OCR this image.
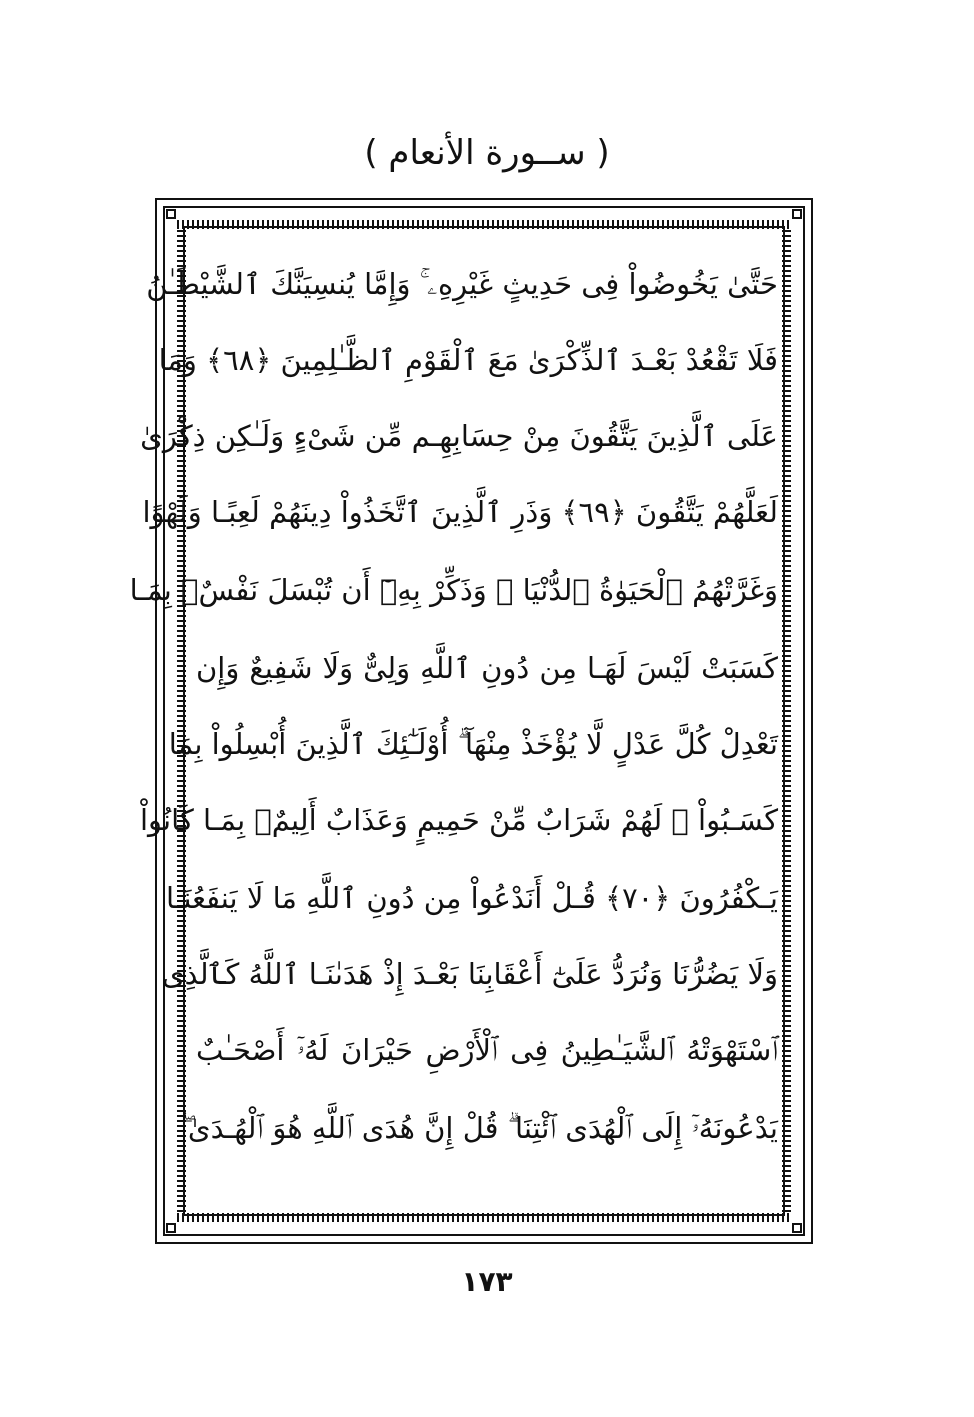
( ســورة الأنعام )
حَتَّىٰ يَخُوضُواْ فِى حَدِيثٍ غَيْرِهِۦ ۚ وَإِمَّا يُنسِيَنَّكَ ٱلشَّيْطَـٰنُ
فَلَا تَقْعُدْ بَعْـدَ ٱلذِّكْرَىٰ مَعَ ٱلْقَوْمِ ٱلظَّـٰلِمِينَ ﴿٦٨﴾ وَمَا
عَلَى ٱلَّذِينَ يَتَّقُونَ مِنْ حِسَابِهِـم مِّن شَىْءٍ وَلَـٰكِن ذِكْرَىٰ
لَعَلَّهُمْ يَتَّقُونَ ﴿٦٩﴾ وَذَرِ ٱلَّذِينَ ٱتَّخَذُواْ دِينَهُمْ لَعِبًـا وَلَهْوًا
وَغَرَّتْهُمُ ٱلْحَيَوٰةُ ٱلدُّنْيَا ۚ وَذَكِّرْ بِهِۦٓ أَن تُبْسَلَ نَفْسٌۢ بِمَـا
كَسَبَتْ لَيْسَ لَهَـا مِن دُونِ ٱللَّهِ وَلِىٌّ وَلَا شَفِيعٌ وَإِن
تَعْدِلْ كُلَّ عَدْلٍ لَّا يُؤْخَذْ مِنْهَآ ۗ أُوْلَـٰٓئِكَ ٱلَّذِينَ أُبْسِلُواْ بِمَا
كَسَـبُواْ ۖ لَهُمْ شَرَابٌ مِّنْ حَمِيمٍ وَعَذَابٌ أَلِيمٌۢ بِمَـا كَانُواْ
يَـكْفُرُونَ ﴿٧٠﴾ قُـلْ أَنَدْعُواْ مِن دُونِ ٱللَّهِ مَا لَا يَنفَعُنَـا
وَلَا يَضُرُّنَا وَنُرَدُّ عَلَىٰٓ أَعْقَابِنَا بَعْـدَ إِذْ هَدَىٰنَـا ٱللَّهُ كَٱلَّذِى
ٱسْتَهْوَتْهُ ٱلشَّيَـٰطِينُ فِى ٱلْأَرْضِ حَيْرَانَ لَهُۥٓ أَصْحَـٰبٌ
يَدْعُونَهُۥٓ إِلَى ٱلْهُدَى ٱئْتِنَا ۗ قُلْ إِنَّ هُدَى ٱللَّهِ هُوَ ٱلْهُـدَىٰ ۖ
١٧٣
